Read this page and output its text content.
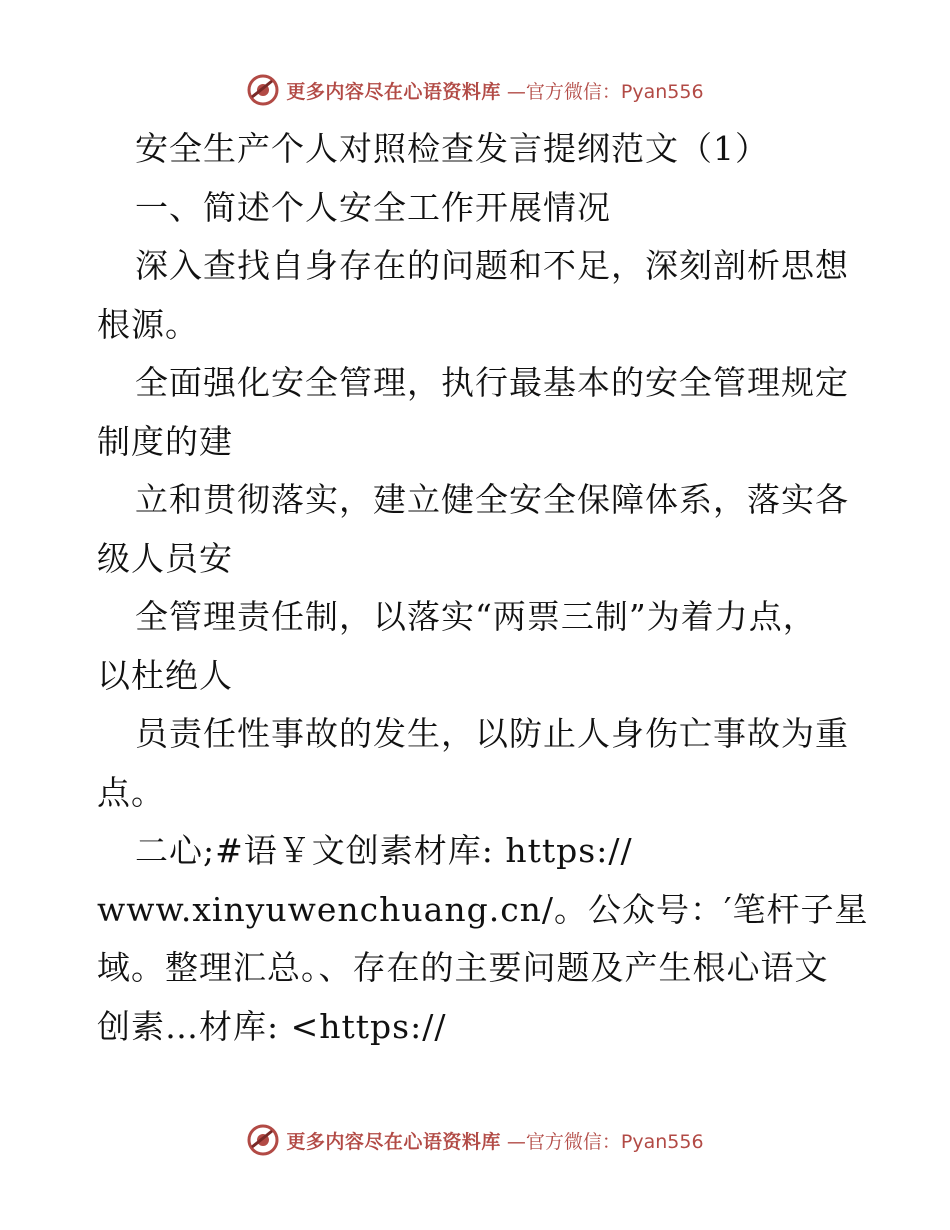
更多内容尽在心语资料库 —官方微信：Pyan556
安全生产个人对照检查发言提纲范文（1）
一、简述个人安全工作开展情况
深入查找自身存在的问题和不足，深刻剖析思想
根源。
全面强化安全管理，执行最基本的安全管理规定
制度的建
立和贯彻落实，建立健全安全保障体系，落实各
级人员安
全管理责任制，以落实“两票三制”为着力点，
以杜绝人
员责任性事故的发生，以防止人身伤亡事故为重
点。
二心;#语￥文创素材库: https://
www.xinyuwenchuang.cn/。公众号：′笔杆子星
域。整理汇总。、存在的主要问题及产生根心语文
创素…材库: <https://
更多内容尽在心语资料库 —官方微信：Pyan556
